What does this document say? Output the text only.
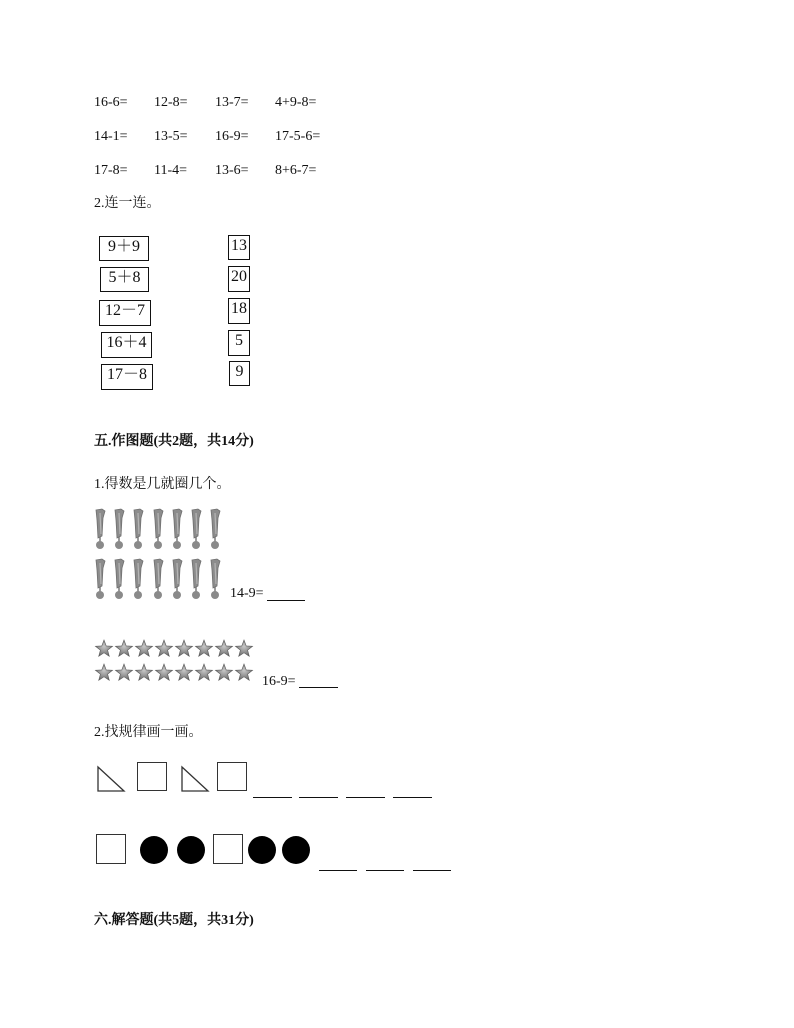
16-6= 12-8= 13-7= 4+9-8=
14-1= 13-5= 16-9= 17-5-6=
17-8= 11-4= 13-6= 8+6-7=
2.连一连。
9＋9
5＋8
12－7
16＋4
17－8
13
20
18
5
9
五.作图题(共2题，共14分)
1.得数是几就圈几个。
14-9=
16-9=
2.找规律画一画。
六.解答题(共5题，共31分)
